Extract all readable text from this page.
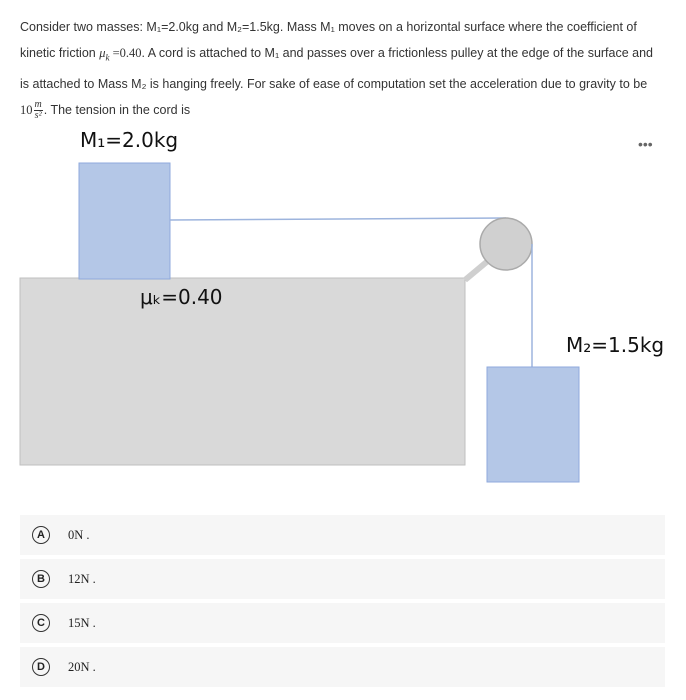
Consider two masses: M₁=2.0kg and M₂=1.5kg. Mass M₁ moves on a horizontal surface where the coefficient of
kinetic friction $\mu_k =0.40$. A cord is attached to M₁ and passes over a frictionless pulley at the edge of the surface and
is attached to Mass M₂ is hanging freely. For sake of ease of computation set the acceleration due to gravity to be
$10 \frac{m}{\text{s²}}$ . The tension in the cord is
•••
M₁=2.0kg
μₖ=0.40
M₂=1.5kg
A	0N .
B	12N .
C	15N .
D	20N .
